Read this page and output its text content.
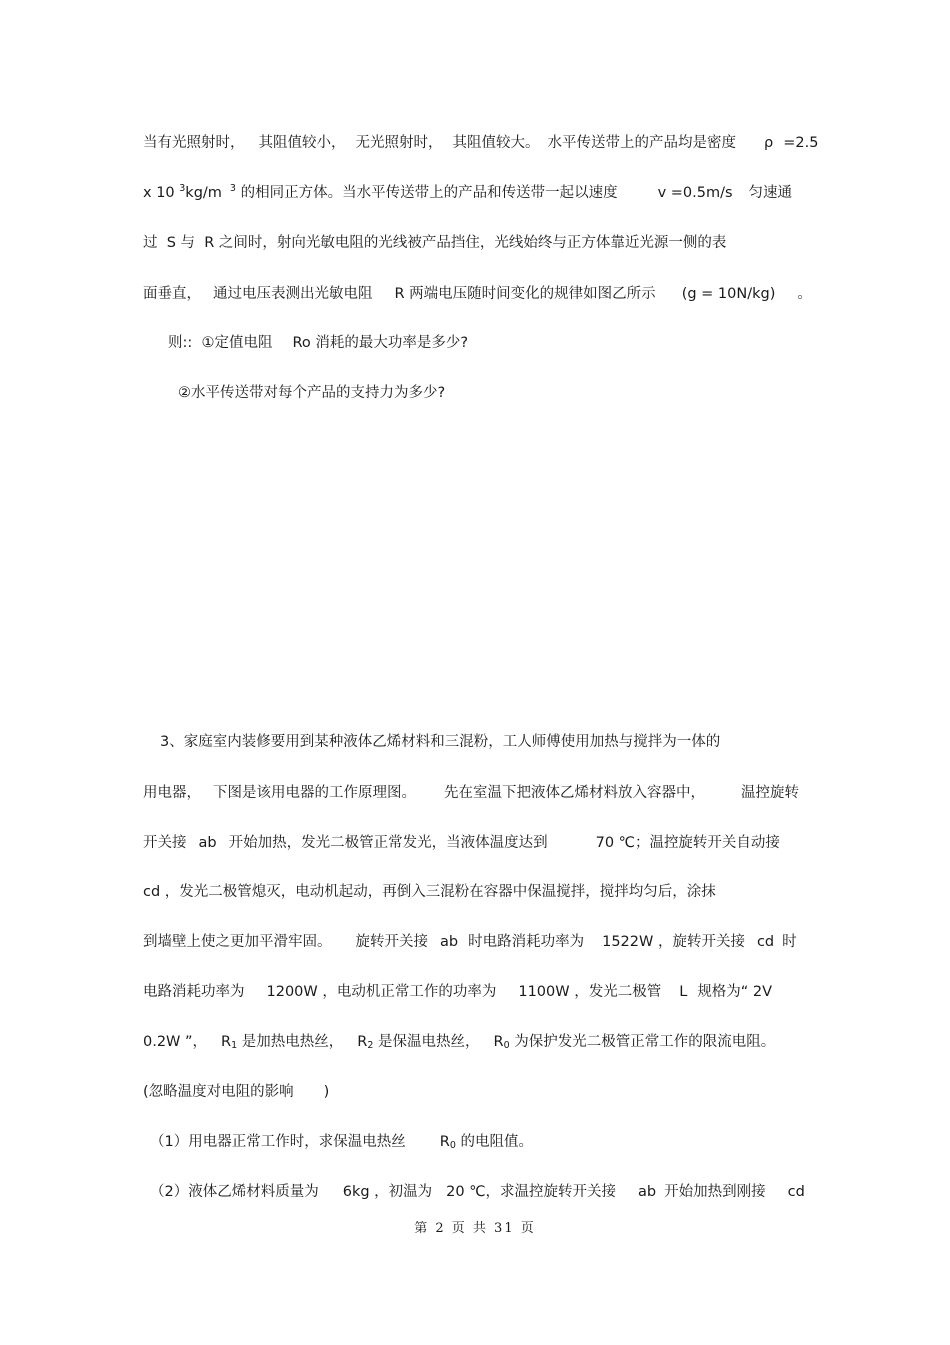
当有光照射时， 其阻值较小， 无光照射时， 其阻值较大。 水平传送带上的产品均是密度 ρ =2.5
x 10 $^3$kg/m $^3$ 的相同正方体。当水平传送带上的产品和传送带一起以速度	v =0.5m/s 匀速通
过  S 与  R 之间时，射向光敏电阻的光线被产品挡住，光线始终与正方体靠近光源一侧的表
面垂直， 通过电压表测出光敏电阻 R 两端电压随时间变化的规律如图乙所示 (g = 10N/kg) 。
则::  ①定值电阻 Ro 消耗的最大功率是多少?
②水平传送带对每个产品的支持力为多少?
3、家庭室内装修要用到某种液体乙烯材料和三混粉，工人师傅使用加热与搅拌为一体的
用电器， 下图是该用电器的工作原理图。 先在室温下把液体乙烯材料放入容器中， 温控旋转
开关接 ab 开始加热，发光二极管正常发光，当液体温度达到	70 ℃；温控旋转开关自动接
cd ，发光二极管熄灭，电动机起动，再倒入三混粉在容器中保温搅拌，搅拌均匀后，涂抹
到墙壁上使之更加平滑牢固。 旋转开关接 ab 时电路消耗功率为 1522W ，旋转开关接 cd 时
电路消耗功率为 1200W ，电动机正常工作的功率为 1100W ，发光二极管 L 规格为“ 2V
0.2W ”， $R_1$ 是加热电热丝， $R_2$ 是保温电热丝， $R_0$ 为保护发光二极管正常工作的限流电阻。
(忽略温度对电阻的影响 )
（1）用电器正常工作时，求保温电热丝 $R_0$ 的电阻值。
（2）液体乙烯材料质量为 6kg ，初温为 20 ℃，求温控旋转开关接 ab 开始加热到刚接 cd
第 2 页 共 31 页
